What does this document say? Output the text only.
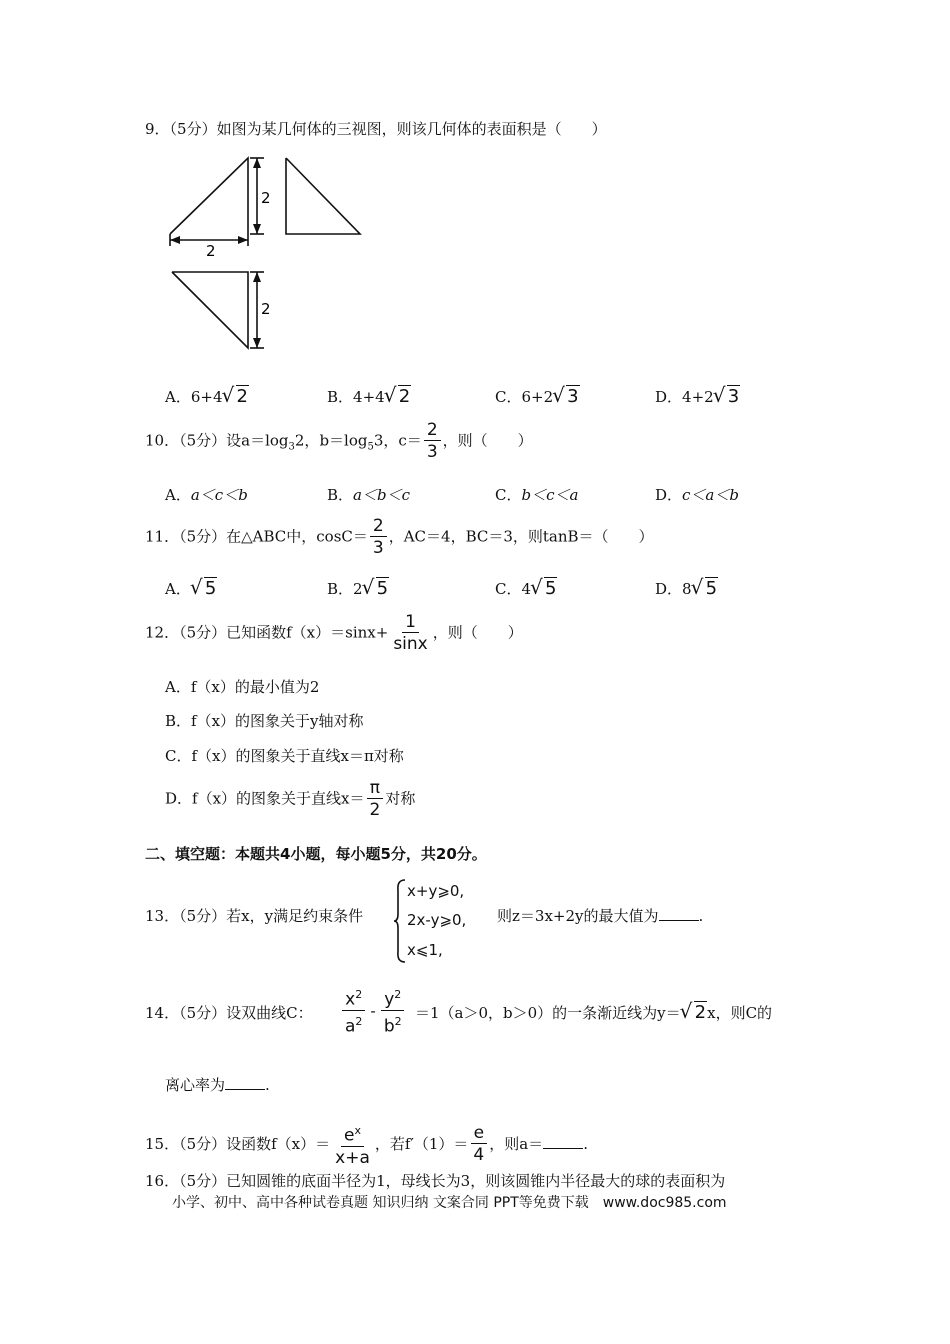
9．（5分）如图为某几何体的三视图，则该几何体的表面积是（　　）
2
2
2
A．6+4 √ 2	B．4+4 √ 2	C．6+2 √ 3	D．4+2 √ 3
10．（5分）设$a=\log_32$，$b=\log_53$，$c= \frac{2}{3}$ ，则（　　）
A．a＜c＜b	B．a＜b＜c	C．b＜c＜a	D．c＜a＜b
11．（5分）在△ABC中，$\cos C= \frac{2}{3}$ ，AC＝4，BC＝3，则tanB＝（　　）
A． √ 5	B．2 √ 5	C．4 √ 5	D．8 √ 5
12．（5分）已知函数$f(x)=\sin x+ \frac{1}{\sin x}$ ，则（　　）
A．f（x）的最小值为2
B．f（x）的图象关于y轴对称
C．f（x）的图象关于直线x＝π对称
D．f（x）的图象关于直线$x= \frac{\pi}{2}$ 对称
二、填空题：本题共4小题，每小题5分，共20分。
13．（5分）若x，y满足约束条件
x+y⩾0,
2x-y⩾0,
x⩽1,
则z＝3x+2y的最大值为	.
14．（5分）设双曲线C： $\frac{x^2}{a^2} - \frac{y^2}{b^2} =1(a>0$，b＞0）的一条渐近线为y＝ √ 2x，则C的
离心率为	.
15．（5分）设函数$f(x)= \frac{e^x}{x+a}$ ，若$f'(1)= \frac{e}{4}$ ，则a＝	.
16．（5分）已知圆锥的底面半径为1，母线长为3，则该圆锥内半径最大的球的表面积为
小学、初中、高中各种试卷真题 知识归纳 文案合同 PPT等免费下载　www.doc985.com
